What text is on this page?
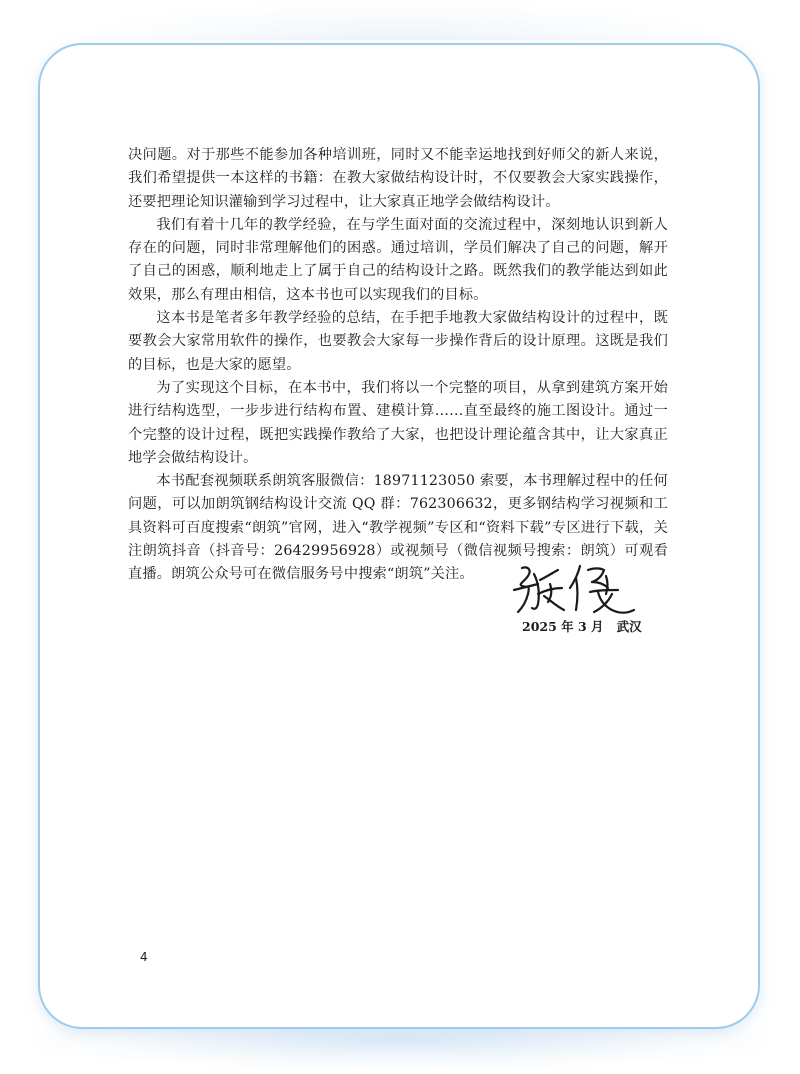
决问题。对于那些不能参加各种培训班，同时又不能幸运地找到好师父的新人来说，我们希望提供一本这样的书籍：在教大家做结构设计时，不仅要教会大家实践操作，还要把理论知识灌输到学习过程中，让大家真正地学会做结构设计。

我们有着十几年的教学经验，在与学生面对面的交流过程中，深刻地认识到新人存在的问题，同时非常理解他们的困惑。通过培训，学员们解决了自己的问题，解开了自己的困惑，顺利地走上了属于自己的结构设计之路。既然我们的教学能达到如此效果，那么有理由相信，这本书也可以实现我们的目标。

这本书是笔者多年教学经验的总结，在手把手地教大家做结构设计的过程中，既要教会大家常用软件的操作，也要教会大家每一步操作背后的设计原理。这既是我们的目标，也是大家的愿望。

为了实现这个目标，在本书中，我们将以一个完整的项目，从拿到建筑方案开始进行结构选型，一步步进行结构布置、建模计算……直至最终的施工图设计。通过一个完整的设计过程，既把实践操作教给了大家，也把设计理论蕴含其中，让大家真正地学会做结构设计。

本书配套视频联系朗筑客服微信：18971123050 索要，本书理解过程中的任何问题，可以加朗筑钢结构设计交流 QQ 群：762306632，更多钢结构学习视频和工具资料可百度搜索“朗筑”官网，进入“教学视频”专区和“资料下载”专区进行下载，关注朗筑抖音（抖音号：26429956928）或视频号（微信视频号搜索：朗筑）可观看直播。朗筑公众号可在微信服务号中搜索“朗筑”关注。

2025 年 3 月   武汉
4
